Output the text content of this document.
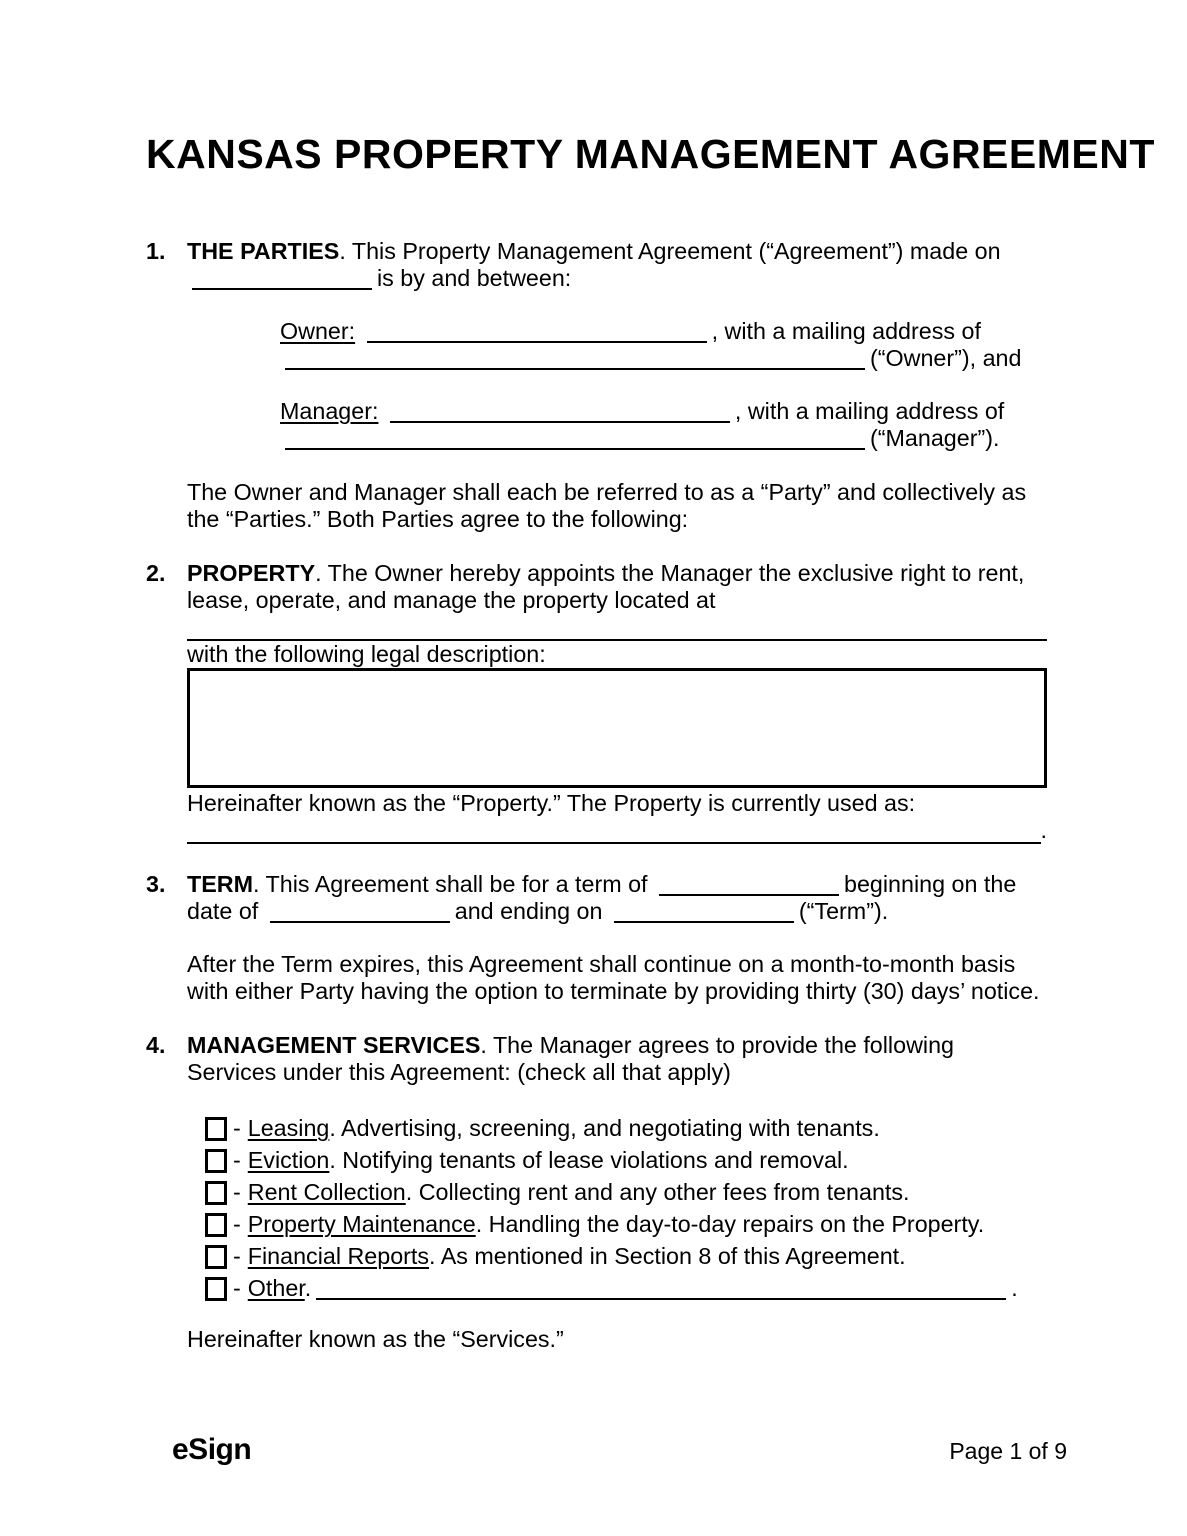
KANSAS PROPERTY MANAGEMENT AGREEMENT
1. THE PARTIES. This Property Management Agreement (“Agreement”) made on is by and between:

Owner:	, with a mailing address of (“Owner”), and

Manager:	, with a mailing address of (“Manager”).

The Owner and Manager shall each be referred to as a “Party” and collectively as the “Parties.” Both Parties agree to the following:

2. PROPERTY. The Owner hereby appoints the Manager the exclusive right to rent, lease, operate, and manage the property located at

with the following legal description:

Hereinafter known as the “Property.” The Property is currently used as:

.
3. TERM. This Agreement shall be for a term of	beginning on the date of	and ending on	(“Term”).

After the Term expires, this Agreement shall continue on a month-to-month basis with either Party having the option to terminate by providing thirty (30) days’ notice.

4. MANAGEMENT SERVICES. The Manager agrees to provide the following Services under this Agreement: (check all that apply)

- Leasing. Advertising, screening, and negotiating with tenants.
- Eviction. Notifying tenants of lease violations and removal.
- Rent Collection. Collecting rent and any other fees from tenants.
- Property Maintenance. Handling the day-to-day repairs on the Property.
- Financial Reports. As mentioned in Section 8 of this Agreement.
- Other.	.

Hereinafter known as the “Services.”

eSign	Page 1 of 9
